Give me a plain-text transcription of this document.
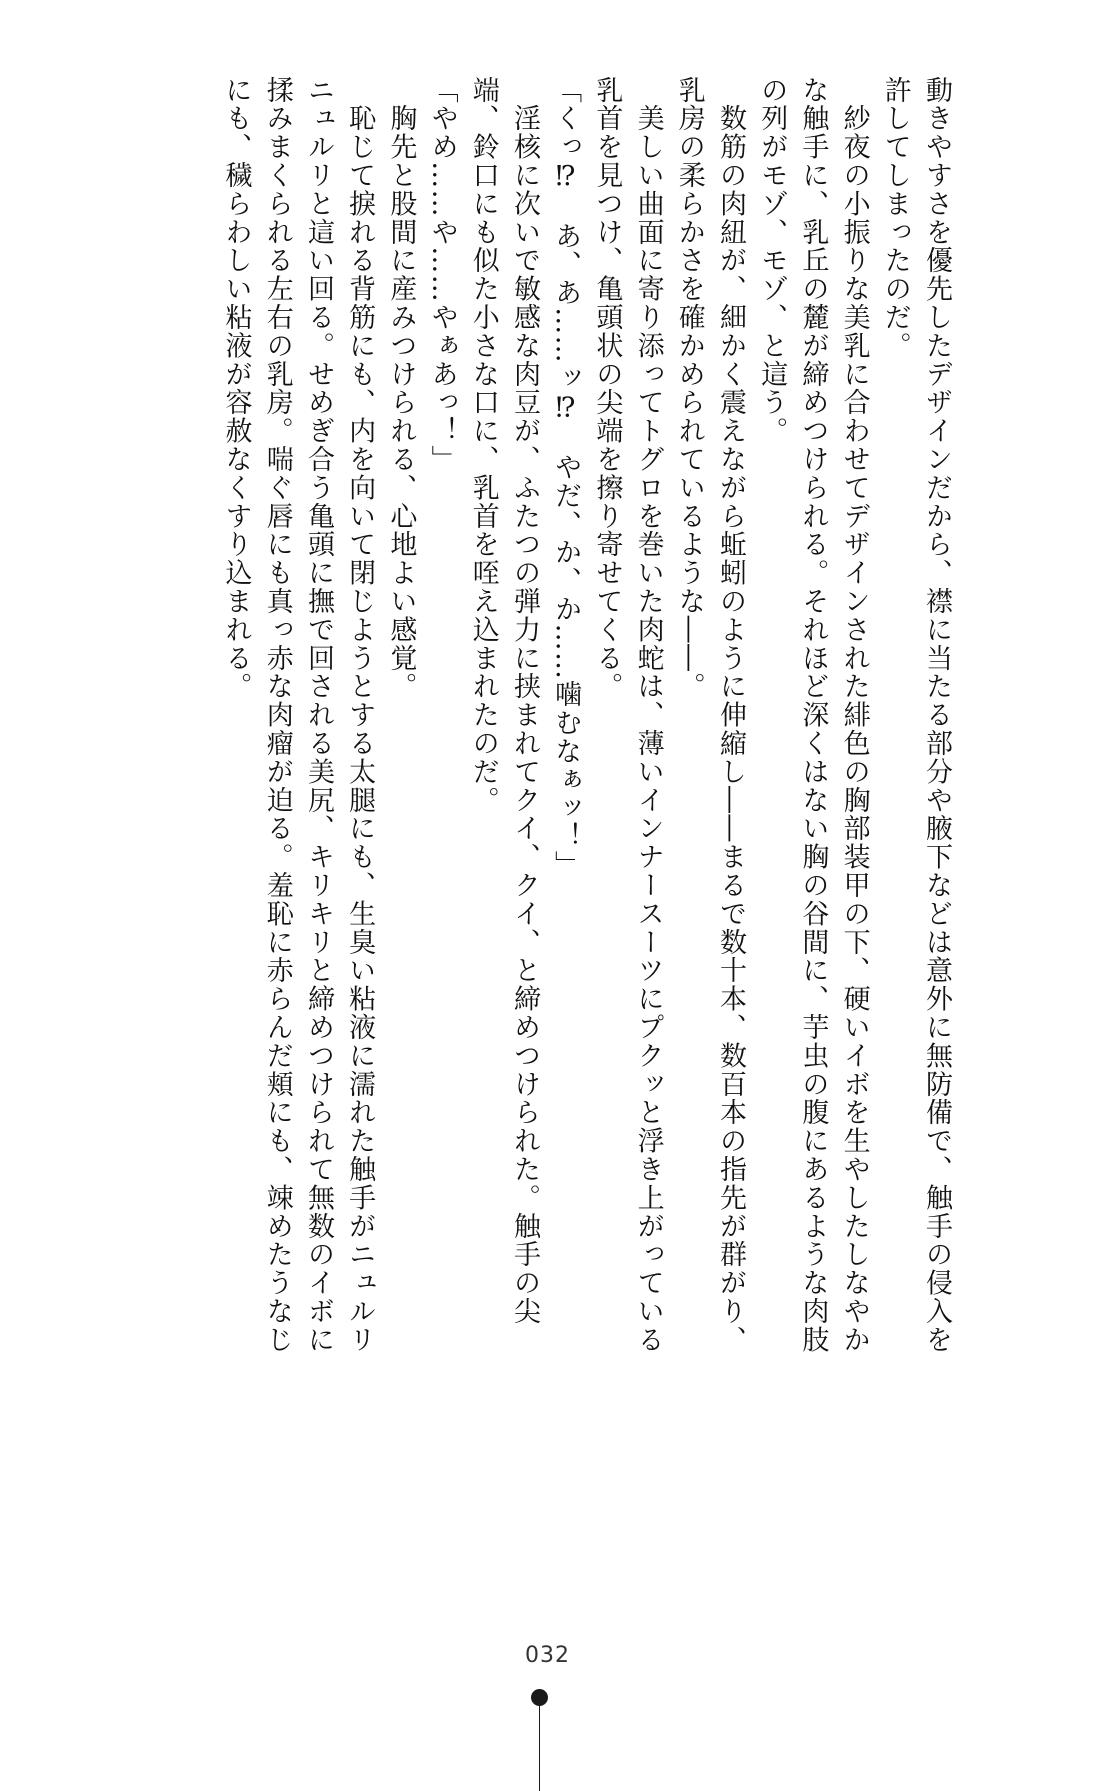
動きやすさを優先したデザインだから、襟に当たる部分や腋下などは意外に無防備で、触手の侵入を許してしまったのだ。

　紗夜の小振りな美乳に合わせてデザインされた緋色の胸部装甲の下、硬いイボを生やしたしなやかな触手に、乳丘の麓が締めつけられる。それほど深くはない胸の谷間に、芋虫の腹にあるような肉肢の列がモゾ、モゾ、と這う。

　数筋の肉紐が、細かく震えながら蚯蚓のように伸縮し――まるで数十本、数百本の指先が群がり、乳房の柔らかさを確かめられているような――。

　美しい曲面に寄り添ってトグロを巻いた肉蛇は、薄いインナースーツにプクッと浮き上がっている乳首を見つけ、亀頭状の尖端を擦り寄せてくる。

「くっ⁉　あ、あ……ッ⁉　やだ、か、か……噛むなぁッ！」

　淫核に次いで敏感な肉豆が、ふたつの弾力に挟まれてクイ、クイ、と締めつけられた。触手の尖端、鈴口にも似た小さな口に、乳首を咥え込まれたのだ。

「やめ……や……やぁあっ！」

　胸先と股間に産みつけられる、心地よい感覚。

　恥じて捩れる背筋にも、内を向いて閉じようとする太腿にも、生臭い粘液に濡れた触手がニュルリニュルリと這い回る。せめぎ合う亀頭に撫で回される美尻、キリキリと締めつけられて無数のイボに揉みまくられる左右の乳房。喘ぐ唇にも真っ赤な肉瘤が迫る。羞恥に赤らんだ頬にも、竦めたうなじにも、穢らわしい粘液が容赦なくすり込まれる。

032
